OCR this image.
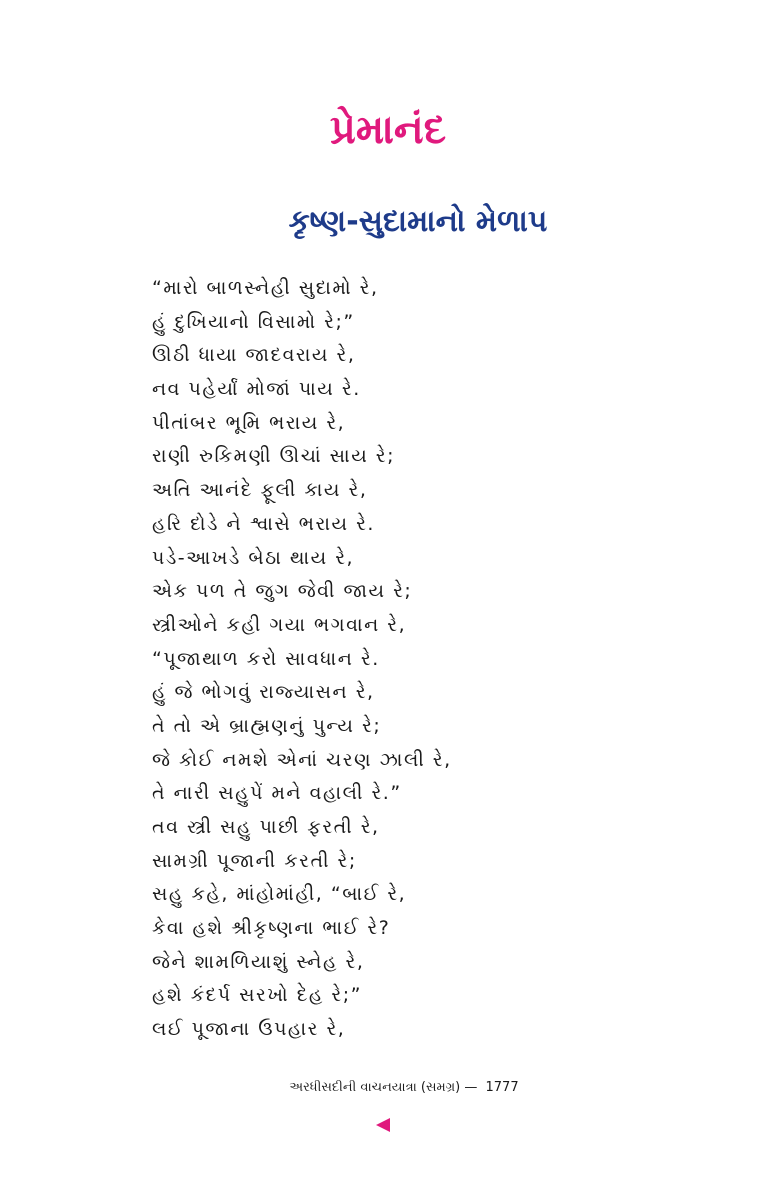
પ્રેમાનંદ
કૃષ્ણ-સુદામાનો મેળાપ
“મારો બાળસ્નેહી સુદામો રે,
હું દુખિયાનો વિસામો રે;”
ઊઠી ધાયા જાદવરાય રે,
નવ પહેર્યાં મોજાં પાય રે.
પીતાંબર ભૂમિ ભરાય રે,
રાણી રુકિમણી ઊચાં સાય રે;
અતિ આનંદે ફૂલી કાય રે,
હરિ દોડે ને શ્વાસે ભરાય રે.
પડે-આખડે બેઠા થાય રે,
એક પળ તે જુગ જેવી જાય રે;
સ્ત્રીઓને કહી ગયા ભગવાન રે,
“પૂજાથાળ કરો સાવધાન રે.
હું જે ભોગવું રાજ્યાસન રે,
તે તો એ બ્રાહ્મણનું પુન્ય રે;
જે કોઈ નમશે એનાં ચરણ ઝાલી રે,
તે નારી સહુપેં મને વહાલી રે.”
તવ સ્ત્રી સહુ પાછી ફરતી રે,
સામગ્રી પૂજાની કરતી રે;
સહુ કહે, માંહોમાંહી, “બાઈ રે,
કેવા હશે શ્રીકૃષ્ણના ભાઈ રે?
જેને શામળિયાશું સ્નેહ રે,
હશે કંદર્પ સરખો દેહ રે;”
લઈ પૂજાના ઉપહાર રે,
અરધીસદીની વાચનયાત્રા (સમગ્ર) — 1777
